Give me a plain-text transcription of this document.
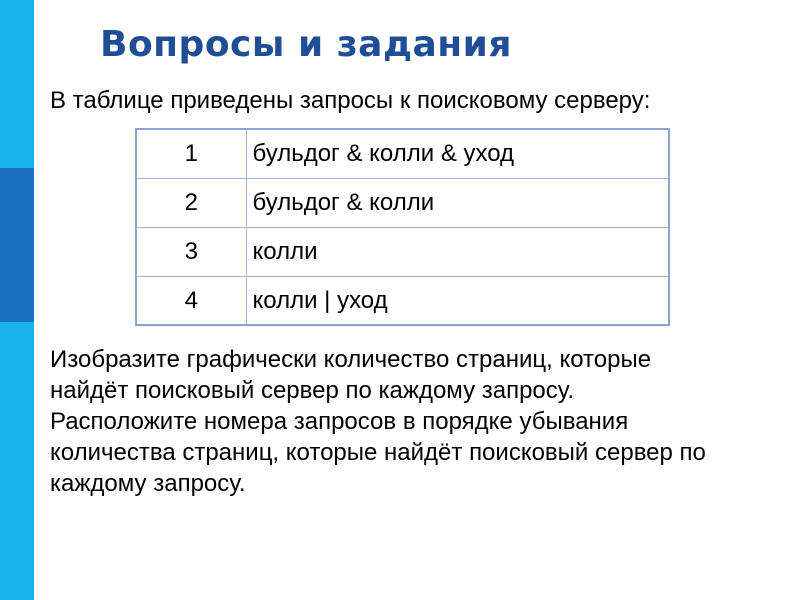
Вопросы и задания

В таблице приведены запросы к поисковому серверу:

1	бульдог & колли & уход
2	бульдог & колли
3	колли
4	колли | уход
Изобразите графически количество страниц, которые
найдёт поисковый сервер по каждому запросу.
Расположите номера запросов в порядке убывания
количества страниц, которые найдёт поисковый сервер по
каждому запросу.
